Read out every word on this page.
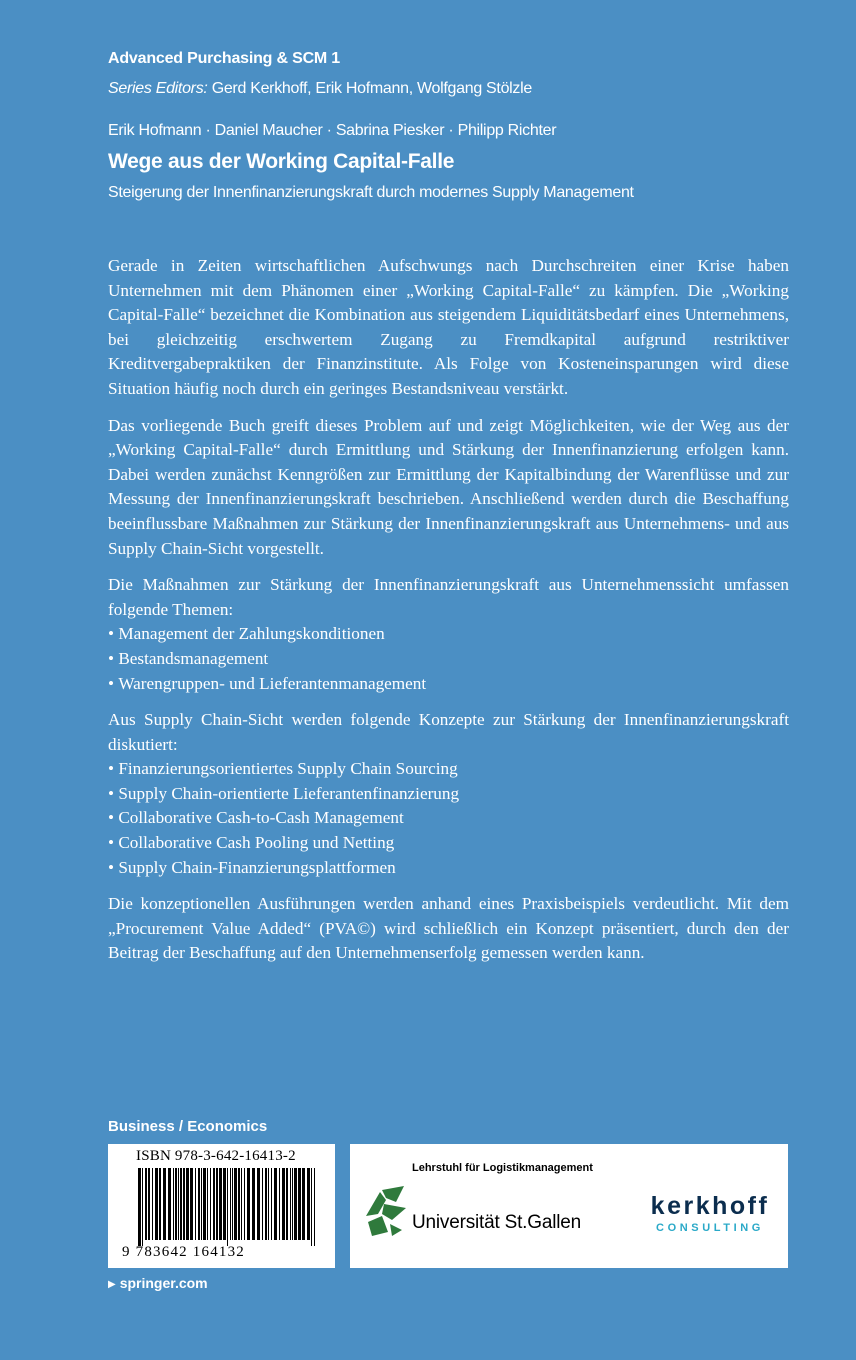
Advanced Purchasing & SCM 1
Series Editors: Gerd Kerkhoff, Erik Hofmann, Wolfgang Stölzle
Erik Hofmann · Daniel Maucher · Sabrina Piesker · Philipp Richter
Wege aus der Working Capital-Falle
Steigerung der Innenfinanzierungskraft durch modernes Supply Management

Gerade in Zeiten wirtschaftlichen Aufschwungs nach Durchschreiten einer Krise haben Unternehmen mit dem Phänomen einer „Working Capital-Falle“ zu kämpfen. Die „Working Capital-Falle“ bezeichnet die Kombination aus steigendem Liquiditätsbedarf eines Unternehmens, bei gleichzeitig erschwertem Zugang zu Fremdkapital aufgrund restriktiver Kreditvergabepraktiken der Finanzinstitute. Als Folge von Kosteneinsparungen wird diese Situation häufig noch durch ein geringes Bestandsniveau verstärkt.

Das vorliegende Buch greift dieses Problem auf und zeigt Möglichkeiten, wie der Weg aus der „Working Capital-Falle“ durch Ermittlung und Stärkung der Innenfinanzierung erfolgen kann. Dabei werden zunächst Kenngrößen zur Ermittlung der Kapitalbindung der Warenflüsse und zur Messung der Innenfinanzierungskraft beschrieben. Anschließend werden durch die Beschaffung beeinflussbare Maßnahmen zur Stärkung der Innenfinanzierungskraft aus Unternehmens- und aus Supply Chain-Sicht vorgestellt.

Die Maßnahmen zur Stärkung der Innenfinanzierungskraft aus Unternehmenssicht umfassen folgende Themen:

• Management der Zahlungskonditionen
• Bestandsmanagement
• Warengruppen- und Lieferantenmanagement

Aus Supply Chain-Sicht werden folgende Konzepte zur Stärkung der Innenfinanzierungskraft diskutiert:

• Finanzierungsorientiertes Supply Chain Sourcing
• Supply Chain-orientierte Lieferantenfinanzierung
• Collaborative Cash-to-Cash Management
• Collaborative Cash Pooling und Netting
• Supply Chain-Finanzierungsplattformen

Die konzeptionellen Ausführungen werden anhand eines Praxisbeispiels verdeutlicht. Mit dem „Procurement Value Added“ (PVA©) wird schließlich ein Konzept präsentiert, durch den der Beitrag der Beschaffung auf den Unternehmenserfolg gemessen werden kann.

Business / Economics
ISBN 978-3-642-16413-2
9 783642 164132
Lehrstuhl für Logistikmanagement
Universität St.Gallen
kerkhoff
CONSULTING
▶ springer.com
